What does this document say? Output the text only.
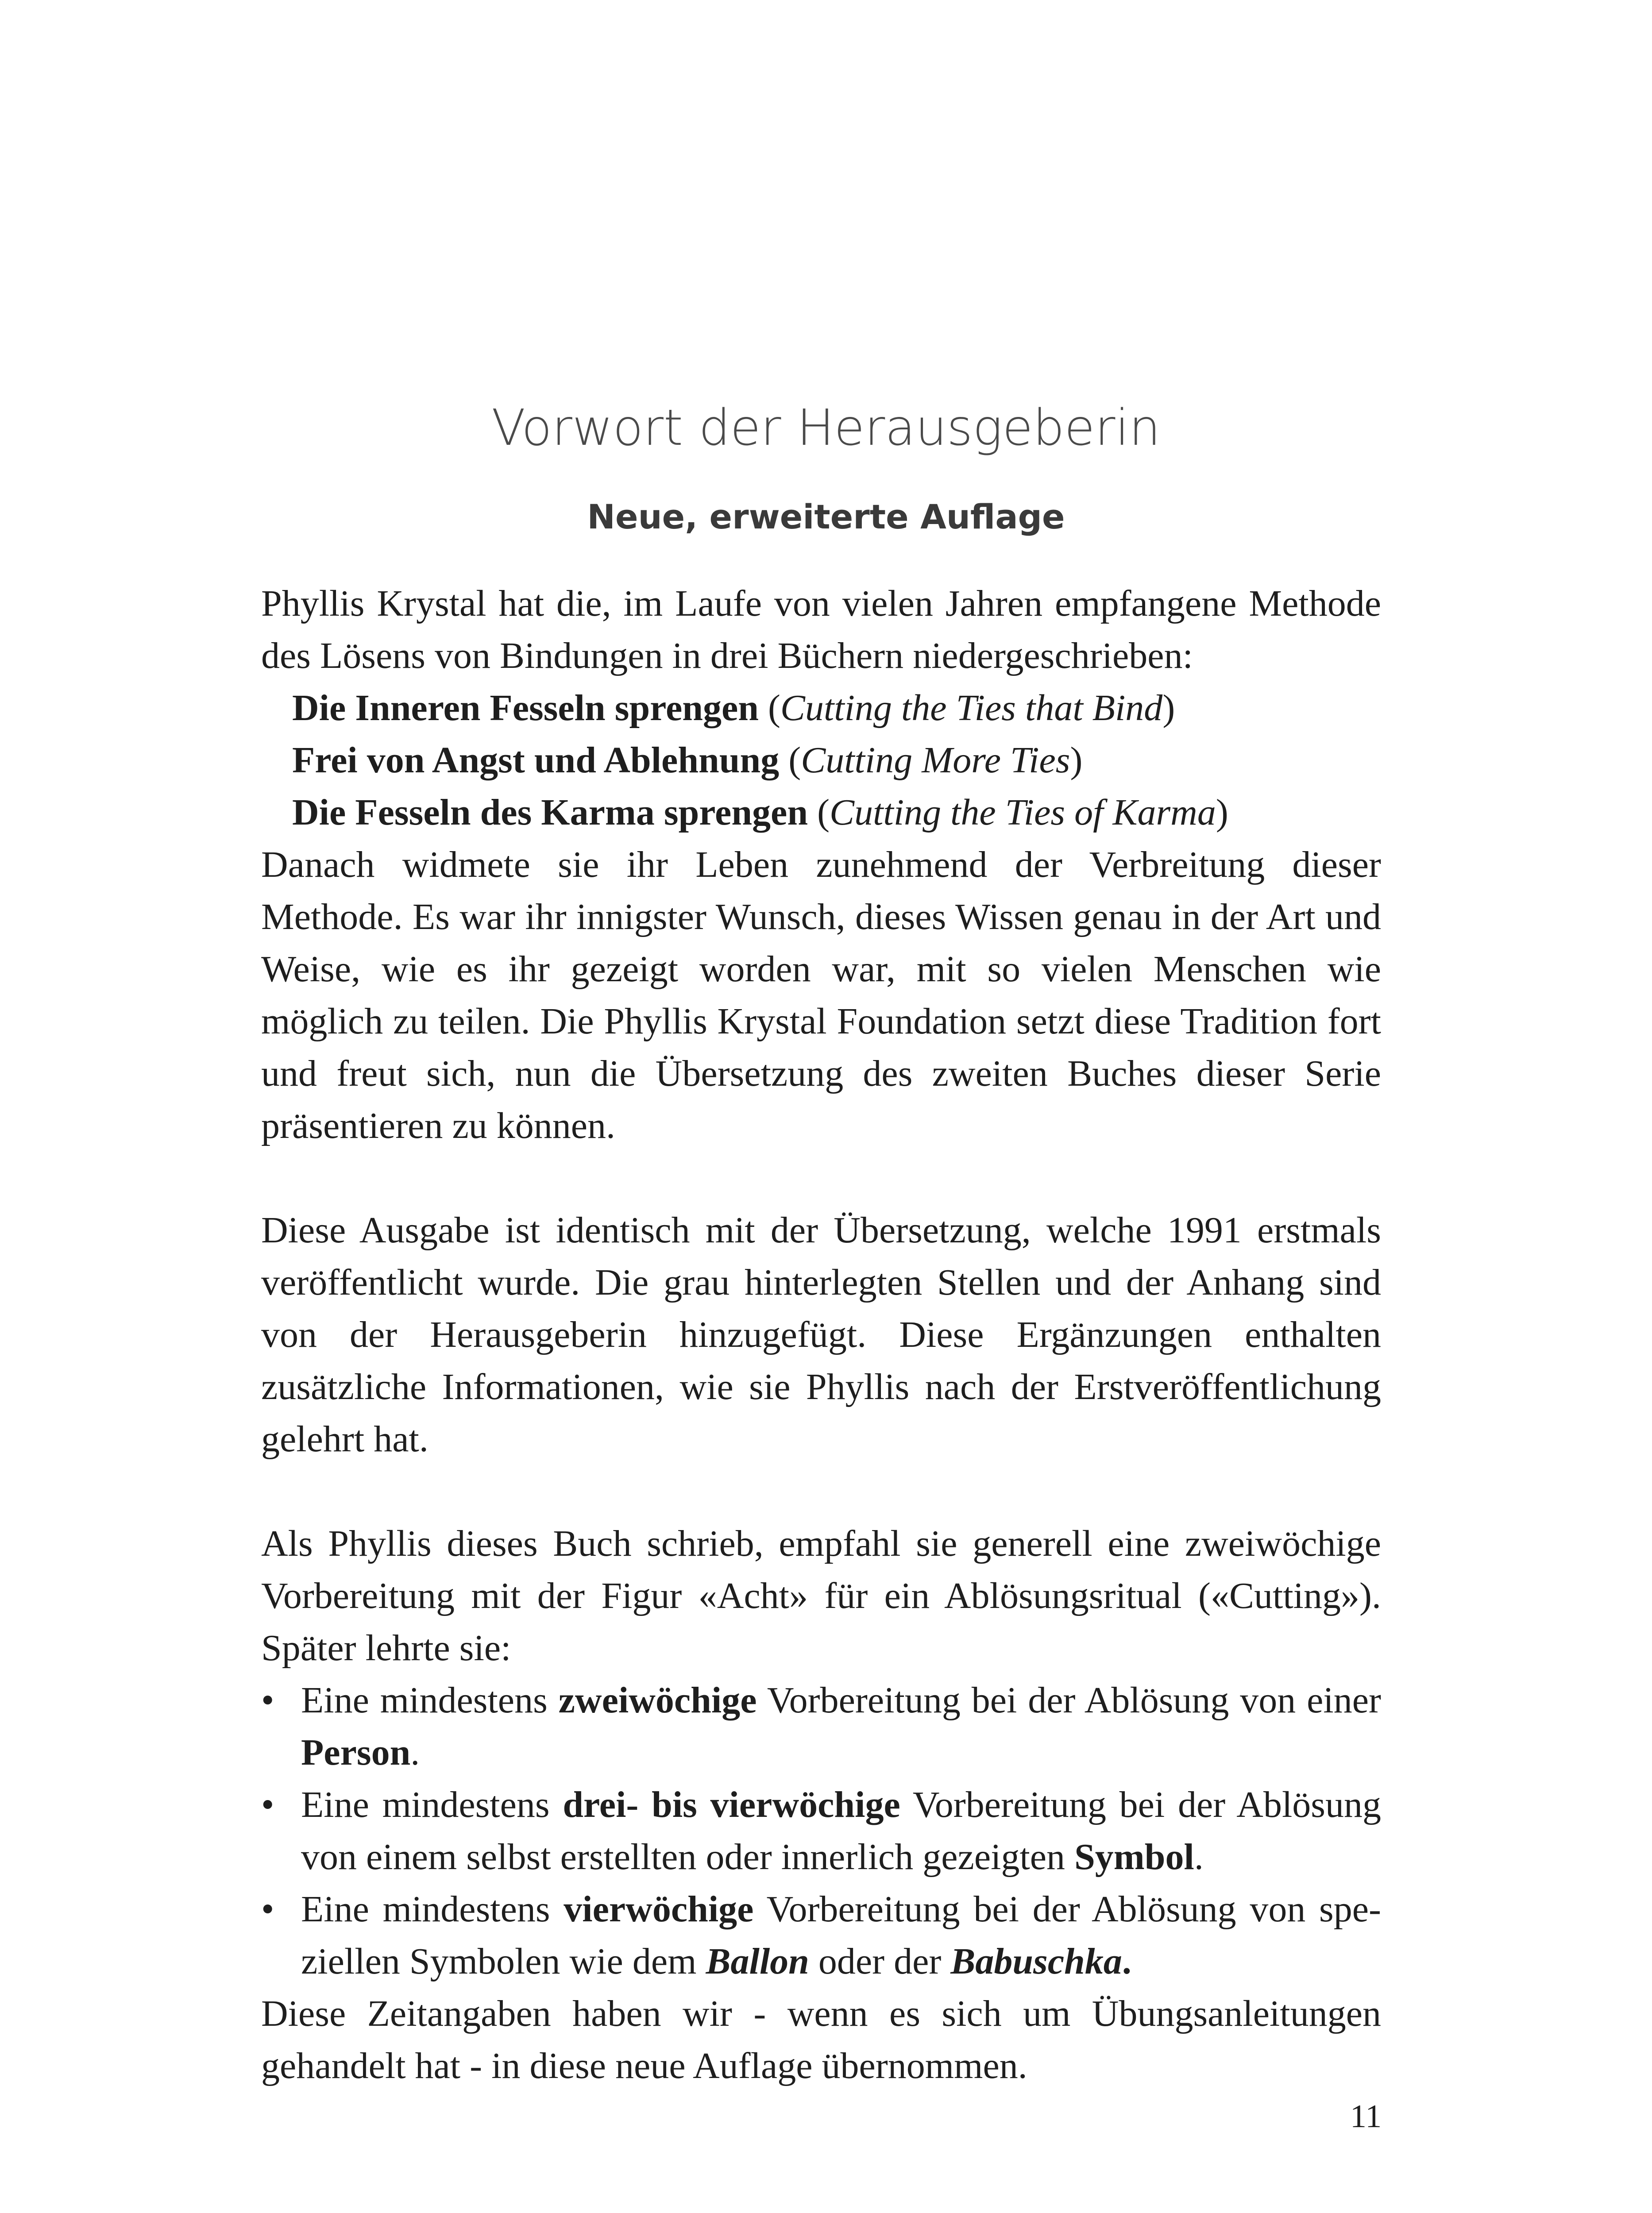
Vorwort der Herausgeberin
Neue, erweiterte Auflage

Phyllis Krystal hat die, im Laufe von vielen Jahren empfangene Methode des Lösens von Bindungen in drei Büchern niedergeschrieben:

Die Inneren Fesseln sprengen (Cutting the Ties that Bind)

Frei von Angst und Ablehnung (Cutting More Ties)

Die Fesseln des Karma sprengen (Cutting the Ties of Karma)

Danach widmete sie ihr Leben zunehmend der Verbreitung dieser Methode. Es war ihr innigster Wunsch, dieses Wissen genau in der Art und Weise, wie es ihr gezeigt worden war, mit so vielen Menschen wie möglich zu teilen. Die Phyllis Krystal Foundation setzt diese Tradition fort und freut sich, nun die Übersetzung des zweiten Buches dieser Serie präsentieren zu können.

Diese Ausgabe ist identisch mit der Übersetzung, welche 1991 erstmals veröffentlicht wurde. Die grau hinterlegten Stellen und der Anhang sind von der Herausgeberin hinzugefügt. Diese Ergänzungen enthalten zusätzliche Informationen, wie sie Phyllis nach der Erstveröffentlichung gelehrt hat.

Als Phyllis dieses Buch schrieb, empfahl sie generell eine zweiwöchige Vorbereitung mit der Figur «Acht» für ein Ablösungsritual («Cutting»). Später lehrte sie:

• Eine mindestens zweiwöchige Vorbereitung bei der Ablösung von einer Person.
• Eine mindestens drei- bis vierwöchige Vorbereitung bei der Ablösung von einem selbst erstellten oder innerlich gezeigten Symbol.
• Eine mindestens vierwöchige Vorbereitung bei der Ablösung von speziellen Symbolen wie dem Ballon oder der Babuschka.

Diese Zeitangaben haben wir - wenn es sich um Übungsanleitungen gehandelt hat - in diese neue Auflage übernommen.

11
